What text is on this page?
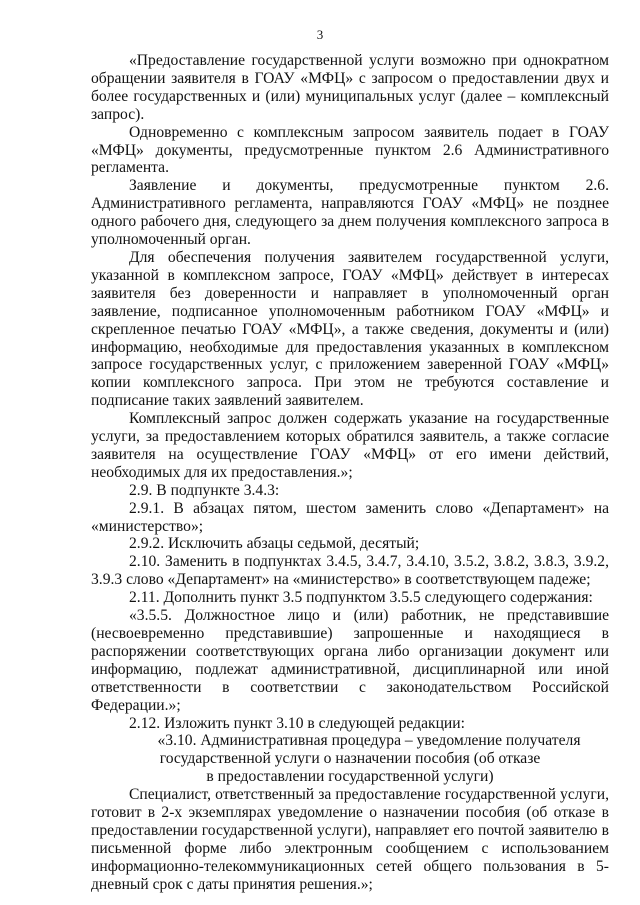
3

«Предоставление государственной услуги возможно при однократном обращении заявителя в ГОАУ «МФЦ» с запросом о предоставлении двух и более государственных и (или) муниципальных услуг (далее – комплексный запрос).

Одновременно с комплексным запросом заявитель подает в ГОАУ «МФЦ» документы, предусмотренные пунктом 2.6 Административного регламента.

Заявление и документы, предусмотренные пунктом 2.6. Административного регламента, направляются ГОАУ «МФЦ» не позднее одного рабочего дня, следующего за днем получения комплексного запроса в уполномоченный орган.

Для обеспечения получения заявителем государственной услуги, указанной в комплексном запросе, ГОАУ «МФЦ» действует в интересах заявителя без доверенности и направляет в уполномоченный орган заявление, подписанное уполномоченным работником ГОАУ «МФЦ» и скрепленное печатью ГОАУ «МФЦ», а также сведения, документы и (или) информацию, необходимые для предоставления указанных в комплексном запросе государственных услуг, с приложением заверенной ГОАУ «МФЦ» копии комплексного запроса. При этом не требуются составление и подписание таких заявлений заявителем.

Комплексный запрос должен содержать указание на государственные услуги, за предоставлением которых обратился заявитель, а также согласие заявителя на осуществление ГОАУ «МФЦ» от его имени действий, необходимых для их предоставления.»;

2.9. В подпункте 3.4.3:

2.9.1. В абзацах пятом, шестом заменить слово «Департамент» на «министерство»;

2.9.2. Исключить абзацы седьмой, десятый;

2.10. Заменить в подпунктах 3.4.5, 3.4.7, 3.4.10, 3.5.2, 3.8.2, 3.8.3, 3.9.2, 3.9.3 слово «Департамент» на «министерство» в соответствующем падеже;

2.11. Дополнить пункт 3.5 подпунктом 3.5.5 следующего содержания:

«3.5.5. Должностное лицо и (или) работник, не представившие (несвоевременно представившие) запрошенные и находящиеся в распоряжении соответствующих органа либо организации документ или информацию, подлежат административной, дисциплинарной или иной ответственности в соответствии с законодательством Российской Федерации.»;

2.12. Изложить пункт 3.10 в следующей редакции:

«3.10. Административная процедура – уведомление получателя

государственной услуги о назначении пособия (об отказе

в предоставлении государственной услуги)

Специалист, ответственный за предоставление государственной услуги, готовит в 2-х экземплярах уведомление о назначении пособия (об отказе в предоставлении государственной услуги), направляет его почтой заявителю в письменной форме либо электронным сообщением с использованием информационно-телекоммуникационных сетей общего пользования в 5-дневный срок с даты принятия решения.»;
